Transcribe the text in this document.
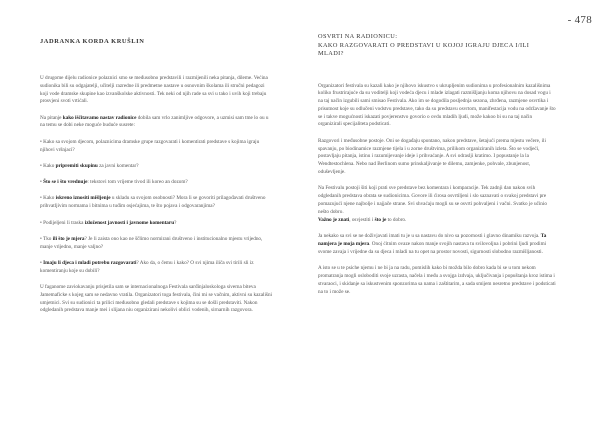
JADRANKA KORDA KRUŠLIN

U drugome dijelu radionice polaznici smo se međusobno predstavili i razmijenili neka pitanja, dileme. Većina sudionika bili su odgajatelji, učitelji razredne ili predmetne nastave u osnovnim školama ili stručni pedagozi koji vode dramske skupine kao izvanškolske aktivnosti. Tek neki od njih rade sa svi u tako i uvih koji trebaju prosvjeni svoti vrtićali.

Na pitanje kako iščitavamo nastav radionice dobila sam vrlo zanimljive odgovore, a uzmisi sam tme lo ou u na temu se dobi neke moguće buduće susrete:

• Kako sa svojom djecom, polaznicima dramske grupe razgovarati i komentirati predstave s kojima igraju njihovi vršnjaci?

• Kako pripremiti skupinu za javni komentar?

• Što se i što vrednuje: tekstovi tom vrijeme tivod ili koreo an dozom?

• Kako iskreno iznositi mišljenje u skladu sa svojom osobnosti? Mora li se govoriti prilagođavati društveno prihvatljivim normama i bitnima u tuđim osjećajima, te što pojava i odgovaranjima?

• Podijeljeni li traska izloženost javnosti i javnome komentaru?

• Tko ili što je mjera? Je li zaista ono kao ne ščlimo normirani društveno i institucionalno mjestu vrijedno, manje vrijedno, manje valjno?

• Imaju li djeca i mladi potrebu razgovarati? Ako da, o čemu i kako? O svi njima iliča svi tirili sli iz komentiranju koje su dobili?

U faganome zaviokavanju prisjetila sam se internacionalnoga Festivala sarđinjaloskologa siverna biteva Jamemaficke s kojeg sam se nedavno vratila. Organizatori toga festivala, čini mi se vačnim, aktivni su kazališni umjetnici. Svi su sudionici ta prilici međusobno gledali predstave s kojima su se došli predstaviti. Nakon odgledanih predstava manje mei i slijana niu organizirani nekolivi oblici vodenih, sirnarnih razgovora.

- 478
OSVRTI NA RADIONICU:
KAKO RAZGOVARATI O PREDSTAVI U KOJOJ IGRAJU DJECA I/ILI MLADI?

Organizatori festivala su kazali kako je njihovo iskustvo s ukrupljenim sudionima u profesionalnim kazališnima koliko frustrirajuće da su voditelji koji vodeća djecu i mlade izlagati razmišljanju koma njihovu na dosad vogu i na taj način izgubili sami smisao Festivala. Ako im se dogodila posljednja sezona, zhrđena, razmjene osvrtika i prisutnost koje su odlučeni vodstvu predstave, tako da su predstavu osvrtom, manifestacija vodu na održavanje što se i takve mogućnosti iskazati povjerenstvo govorio o ovdu mladih ljudi, može kakoo bi su na taj način organizirali specijaliteta podsticati.

Razgovori i međusobne postoje. Oni se događaju spontano, nakon predstave, šetajući prema mjestu večere, ili spavanju, po biodinamice razmjene tijela i u zorne društvima, prilikom organiziranih izleta. Što se vodjeći, postavljaju pitanja, istinu i razumijevanje ideje i prihvaćanje. A svi odraslji kratimo. I popustanje la la Wendtestochlena. Nebo nad Berlinom sumo prinskaljivanje te dilemu, zamjenke, pohvale, zbunjenost, oduševljenje.

Na Festivalu postoji šiti koji prati sve predstave bez komentara i komparacije. Tek zadnji dan nakon svih odgledanih predstava obrata se sudionicima. Govore ili ćirosa osvrtiljeni i slo saznavati o svakoj predstavi pre pomazujući njene najbolje i najjače strane. Svi shvaćaju mogli su se osvrti pohvaljeni i vačni. Svatko je učinio nešto dobro.

Važno je znati, osvjestiti i što je to dobro.

Ja nekako sa svi se ne doživjavati imati tu je u sa nastavu do nivo sa pozornosti i glavno dinamiku razvoja. Ta namjera je moja mjera. Onoj ćitnim ovaze nakon manje svojih nastava tu svilovoljna i pobrini ljudi prodimi svome zavaja i vrijedne da su djeca i mladi na tu opet na prostor novosti, sigurnosti slobodno razmišljanosti.

A isto se u te psiche njemu i ne bi ja na radu, pomislih kako bi možda bilo dobro kada bi se u tom nekom promatranja mogli osloboditi svoje uzrasta, načela i među a svojga izdvaja, uključivanja i popuštanja kroz istima i stvaraoci, i skidanje sa iskustvenim sponzorima sa nama i zaštitarim, a sada smijem nesretno predstave i podsticati na to i može se.
